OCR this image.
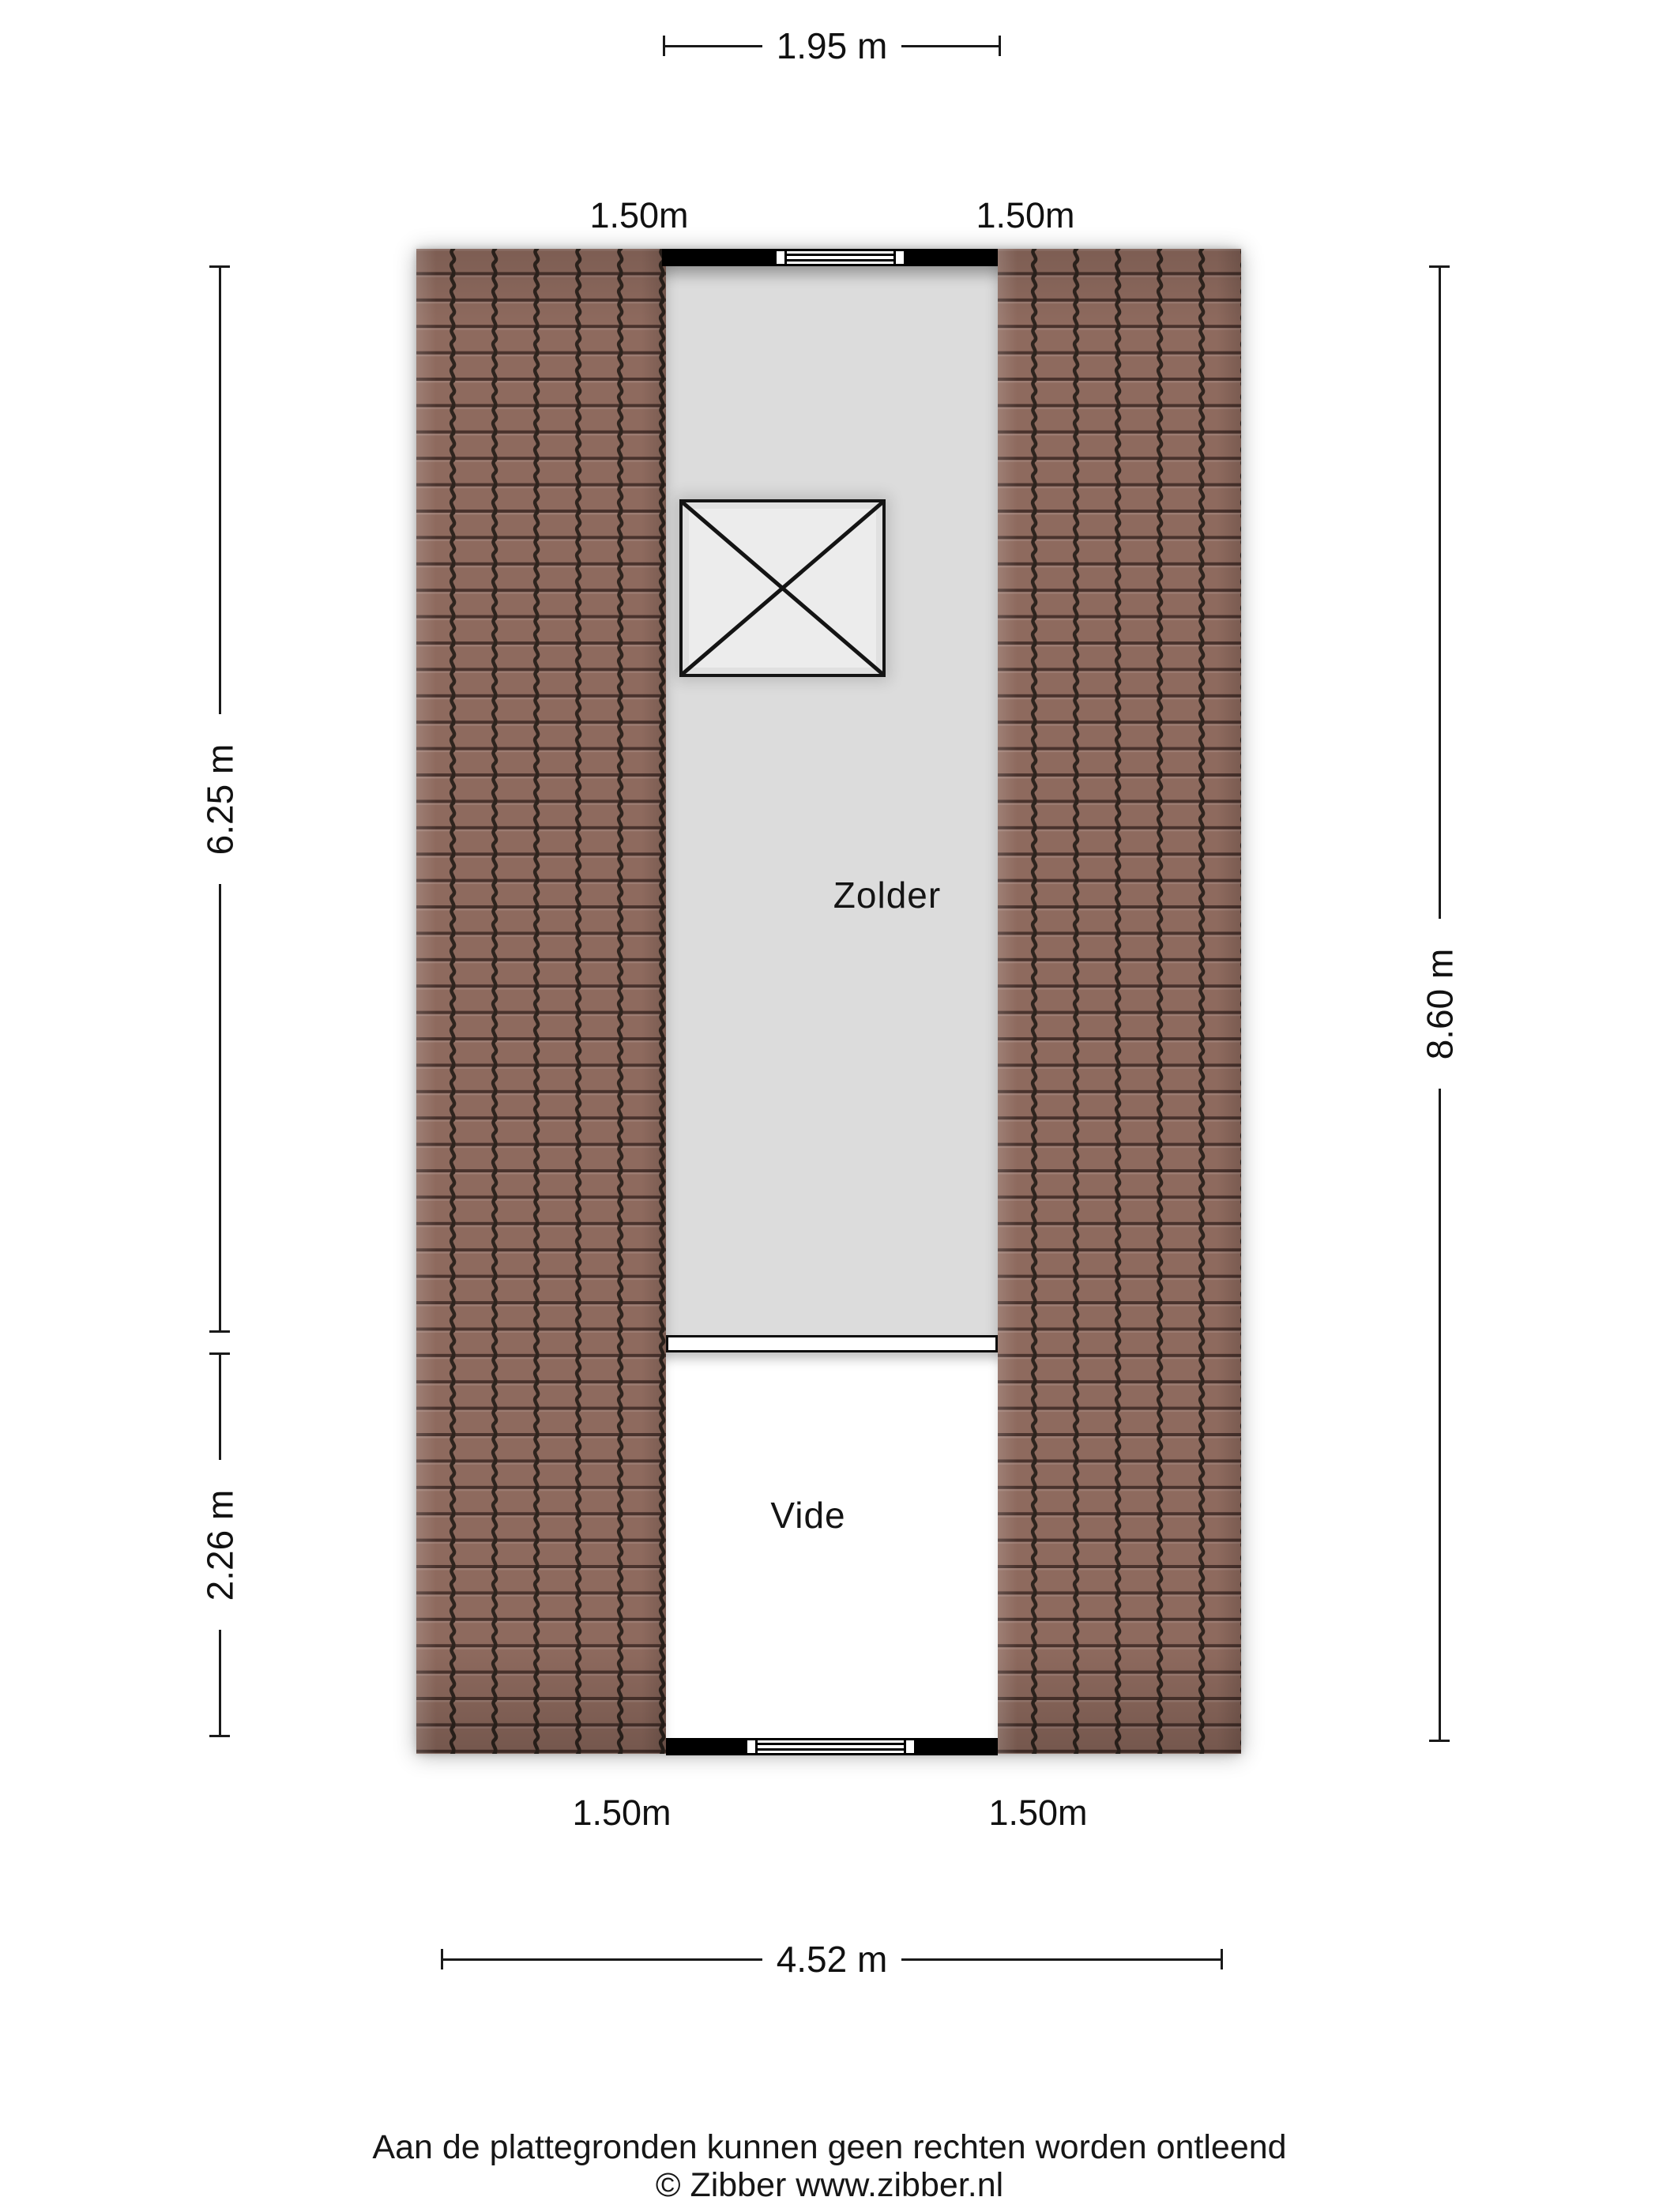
Zolder
Vide
1.50m	1.50m
1.50m	1.50m
1.95 m
6.25 m
2.26 m
8.60 m
4.52 m
Aan de plattegronden kunnen geen rechten worden ontleend
© Zibber www.zibber.nl
